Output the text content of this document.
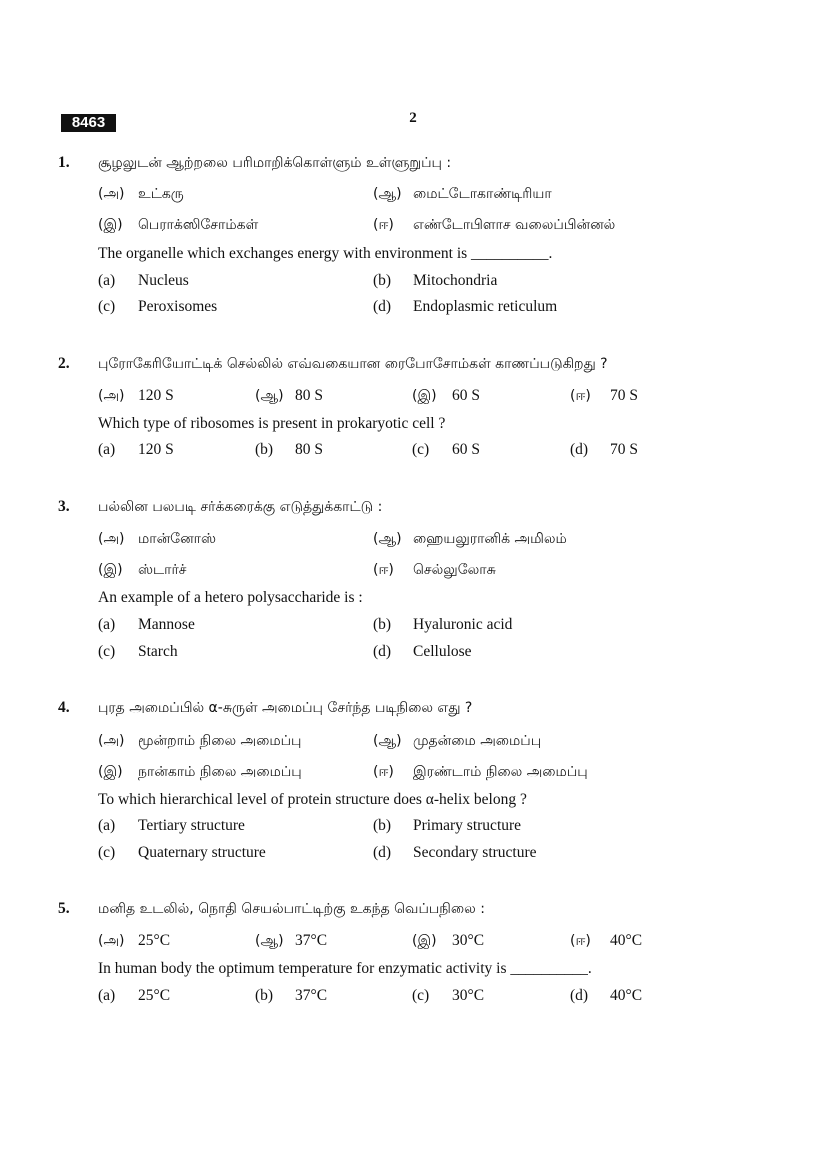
8463	2
1. சூழலுடன் ஆற்றலை பரிமாறிக்கொள்ளும் உள்ளுறுப்பு :
(அ) உட்கரு	(ஆ) மைட்டோகாண்டிரியா
(இ) பெராக்ஸிசோம்கள்	(ஈ) எண்டோபிளாச வலைப்பின்னல்
The organelle which exchanges energy with environment is __________.
(a) Nucleus	(b) Mitochondria
(c) Peroxisomes	(d) Endoplasmic reticulum
2. புரோகேரியோட்டிக் செல்லில் எவ்வகையான ரைபோசோம்கள் காணப்படுகிறது ?
(அ) 120 S	(ஆ) 80 S	(இ) 60 S	(ஈ) 70 S
Which type of ribosomes is present in prokaryotic cell ?
(a) 120 S	(b) 80 S	(c) 60 S	(d) 70 S
3. பல்லின பலபடி சர்க்கரைக்கு எடுத்துக்காட்டு :
(அ) மான்னோஸ்	(ஆ) ஹையலுரானிக் அமிலம்
(இ) ஸ்டார்ச்	(ஈ) செல்லுலோசு
An example of a hetero polysaccharide is :
(a) Mannose	(b) Hyaluronic acid
(c) Starch	(d) Cellulose
4. புரத அமைப்பில் α-சுருள் அமைப்பு சேர்ந்த படிநிலை எது ?
(அ) மூன்றாம் நிலை அமைப்பு	(ஆ) முதன்மை அமைப்பு
(இ) நான்காம் நிலை அமைப்பு	(ஈ) இரண்டாம் நிலை அமைப்பு
To which hierarchical level of protein structure does α-helix belong ?
(a) Tertiary structure	(b) Primary structure
(c) Quaternary structure	(d) Secondary structure
5. மனித உடலில், நொதி செயல்பாட்டிற்கு உகந்த வெப்பநிலை :
(அ) 25°C	(ஆ) 37°C	(இ) 30°C	(ஈ) 40°C
In human body the optimum temperature for enzymatic activity is __________.
(a) 25°C	(b) 37°C	(c) 30°C	(d) 40°C
